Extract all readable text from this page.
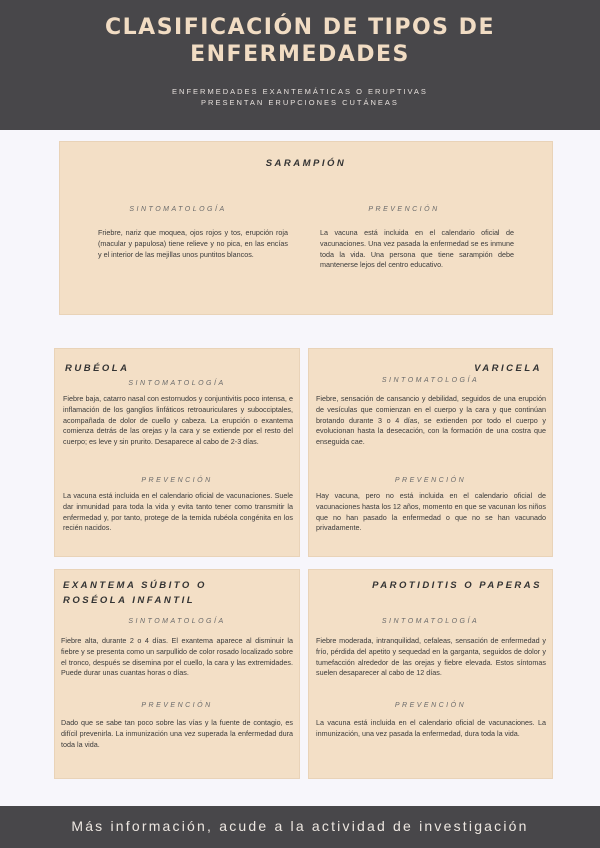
CLASIFICACIÓN DE TIPOS DE
ENFERMEDADES
ENFERMEDADES EXANTEMÁTICAS O ERUPTIVAS
PRESENTAN ERUPCIONES CUTÁNEAS
SARAMPIÓN
SINTOMATOLOGÍA
Friebre, nariz que moquea, ojos rojos y tos, erupción roja (macular y papulosa) tiene relieve y no pica, en las encías y el interior de las mejillas unos puntitos blancos.
PREVENCIÓN
La vacuna está incluida en el calendario oficial de vacunaciones. Una vez pasada la enfermedad se es inmune toda la vida. Una persona que tiene sarampión debe mantenerse lejos del centro educativo.
RUBÉOLA
SINTOMATOLOGÍA
Fiebre baja, catarro nasal con estornudos y conjuntivitis poco intensa, e inflamación de los ganglios linfáticos retroauriculares y subocciptales, acompañada de dolor de cuello y cabeza. La erupción o exantema comienza detrás de las orejas y la cara y se extiende por el resto del cuerpo; es leve y sin prurito. Desaparece al cabo de 2-3 días.
PREVENCIÓN
La vacuna está incluida en el calendario oficial de vacunaciones. Suele dar inmunidad para toda la vida y evita tanto tener como transmitir la enfermedad y, por tanto, protege de la temida rubéola congénita en los recién nacidos.
VARICELA
SINTOMATOLOGÍA
Fiebre, sensación de cansancio y debilidad, seguidos de una erupción de vesículas que comienzan en el cuerpo y la cara y que continúan brotando durante 3 o 4 días, se extienden por todo el cuerpo y evolucionan hasta la desecación, con la formación de una costra que enseguida cae.
PREVENCIÓN
Hay vacuna, pero no está incluida en el calendario oficial de vacunaciones hasta los 12 años, momento en que se vacunan los niños que no han pasado la enfermedad o que no se han vacunado privadamente.
EXANTEMA SÚBITO O
ROSÉOLA INFANTIL
SINTOMATOLOGÍA
Fiebre alta, durante 2 o 4 días. El exantema aparece al disminuir la fiebre y se presenta como un sarpullido de color rosado localizado sobre el tronco, después se disemina por el cuello, la cara y las extremidades. Puede durar unas cuantas horas o días.
PREVENCIÓN
Dado que se sabe tan poco sobre las vías y la fuente de contagio, es difícil prevenirla. La inmunización una vez superada la enfermedad dura toda la vida.
PAROTIDITIS O PAPERAS
SINTOMATOLOGÍA
Fiebre moderada, intranquilidad, cefaleas, sensación de enfermedad y frío, pérdida del apetito y sequedad en la garganta, seguidos de dolor y tumefacción alrededor de las orejas y fiebre elevada. Estos síntomas suelen desaparecer al cabo de 12 días.
PREVENCIÓN
La vacuna está incluida en el calendario oficial de vacunaciones. La inmunización, una vez pasada la enfermedad, dura toda la vida.
Más información, acude a la actividad de investigación
